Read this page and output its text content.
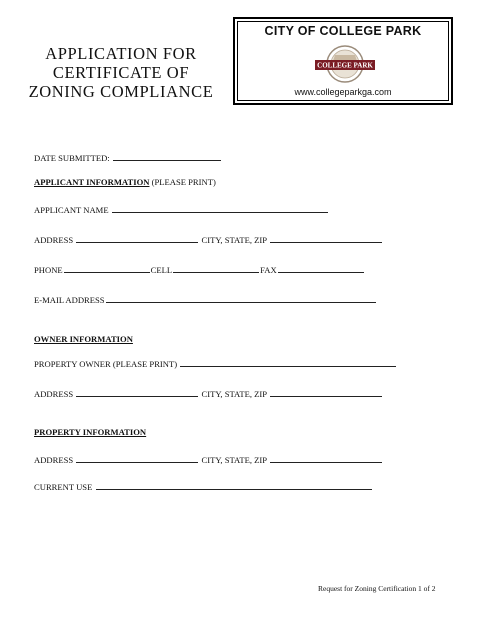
APPLICATION FOR
CERTIFICATE OF
ZONING COMPLIANCE
CITY OF COLLEGE PARK
COLLEGE PARK
www.collegeparkga.com
DATE SUBMITTED:
APPLICANT INFORMATION (PLEASE PRINT)
APPLICANT NAME
ADDRESS	CITY, STATE, ZIP
PHONE	CELL	FAX
E-MAIL ADDRESS
OWNER INFORMATION
PROPERTY OWNER (PLEASE PRINT)
ADDRESS	CITY, STATE, ZIP
PROPERTY INFORMATION
ADDRESS	CITY, STATE, ZIP
CURRENT USE
Request for Zoning Certification 1 of 2
